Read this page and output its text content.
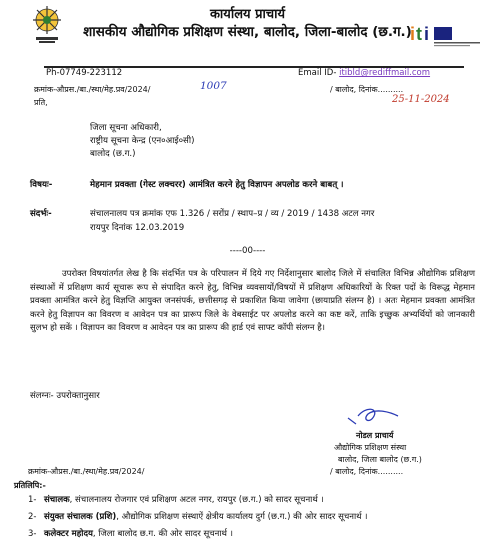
i t i
कार्यालय प्राचार्य
शासकीय औद्योगिक प्रशिक्षण संस्था, बालोद, जिला-बालोद (छ.ग.)
Ph-07749-223112	Email ID- itibld@rediffmail.com
क्रमांक-औप्रस./बा./स्था/मेह.प्रव/2024/	1007	/ बालोद, दिनांक..........
25-11-2024
प्रति,
जिला सूचना अधिकारी,
राष्ट्रीय सूचना केन्द्र (एन०आई०सी)
बालोद (छ.ग.)
विषयः-	मेहमान प्रवक्ता (गेस्ट लक्चरर) आमंत्रित करने हेतु विज्ञापन अपलोड करने बाबत् ।
संदर्भः-	संचालनालय पत्र क्रमांक एफ 1.326 / सरोंप्र / स्थाप–प्र / व्य / 2019 / 1438 अटल नगर
रायपुर दिनांक 12.03.2019
----00----
उपरोक्त विषयांतर्गत लेख है कि संदर्भित पत्र के परिपालन में दिये गए निर्देशानुसार बालोद जिले में संचालित विभिन्न औद्योगिक प्रशिक्षण संस्थाओं में प्रशिक्षण कार्य सूचारू रूप से संपादित करने हेतु, विभिन्न व्यवसायों/विषयों में प्रशिक्षण अधिकारियों के रिक्त पदों के विरूद्ध मेहमान प्रवक्ता आमंत्रित करने हेतु विज्ञप्ति आयुक्त जनसंपर्क, छत्तीसगढ़ से प्रकाशित किया जावेगा (छायाप्रति संलग्न है) । अतः मेहमान प्रवक्ता आमंत्रित करने हेतु विज्ञापन का विवरण व आवेदन पत्र का प्रारूप जिले के वेबसाईट पर अपलोड करने का कष्ट करें, ताकि इच्छुक अभ्यर्थियों को जानकारी सुलभ हो सकें । विज्ञापन का विवरण व आवेदन पत्र का प्रारूप की हार्ड एवं साफ्ट कॉपी संलग्न है।
संलग्नः- उपरोक्तानुसार
नोडल प्राचार्य
औद्योगिक प्रशिक्षण संस्था
बालोद, जिला बालोद (छ.ग.)
क्रमांक-औप्रस./बा./स्था/मेह.प्रव/2024/	/ बालोद, दिनांक..........
प्रतिलिपि:-
1- संचालक, संचालनालय रोजगार एवं प्रशिक्षण अटल नगर, रायपुर (छ.ग.) को सादर सूचनार्थ ।
2- संयुक्त संचालक (प्रशि), औद्योगिक प्रशिक्षण संस्थाऐं क्षेत्रीय कार्यालय दुर्ग (छ.ग.) की ओर सादर सूचनार्थ ।
3- कलेक्टर महोदय, जिला बालोद छ.ग. की ओर सादर सूचनार्थ ।
